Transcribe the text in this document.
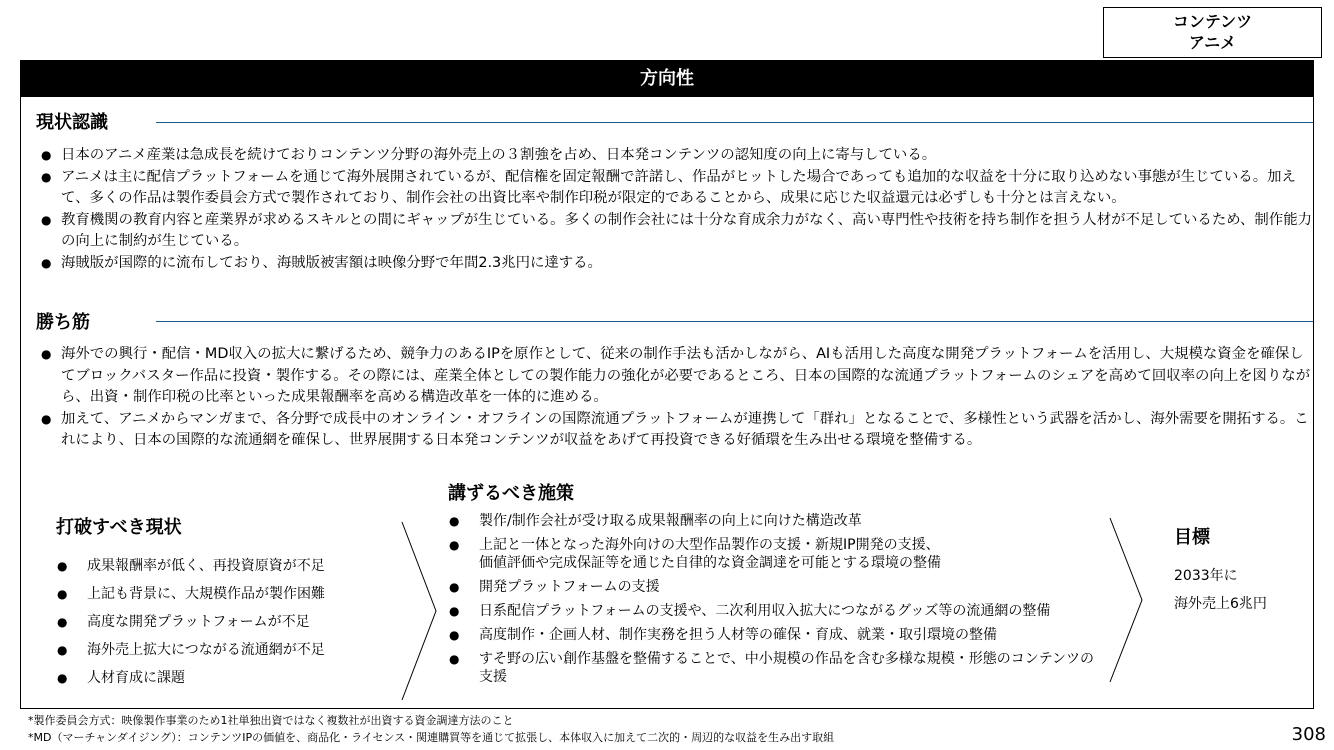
コンテンツ
アニメ
方向性
現状認識
● 日本のアニメ産業は急成長を続けておりコンテンツ分野の海外売上の３割強を占め、日本発コンテンツの認知度の向上に寄与している。
● アニメは主に配信プラットフォームを通じて海外展開されているが、配信権を固定報酬で許諾し、作品がヒットした場合であっても追加的な収益を十分に取り込めない事態が生じている。加えて、多くの作品は製作委員会方式で製作されており、制作会社の出資比率や制作印税が限定的であることから、成果に応じた収益還元は必ずしも十分とは言えない。
● 教育機関の教育内容と産業界が求めるスキルとの間にギャップが生じている。多くの制作会社には十分な育成余力がなく、高い専門性や技術を持ち制作を担う人材が不足しているため、制作能力の向上に制約が生じている。
● 海賊版が国際的に流布しており、海賊版被害額は映像分野で年間2.3兆円に達する。
勝ち筋
● 海外での興行・配信・MD収入の拡大に繋げるため、競争力のあるIPを原作として、従来の制作手法も活かしながら、AIも活用した高度な開発プラットフォームを活用し、大規模な資金を確保してブロックバスター作品に投資・製作する。その際には、産業全体としての製作能力の強化が必要であるところ、日本の国際的な流通プラットフォームのシェアを高めて回収率の向上を図りながら、出資・制作印税の比率といった成果報酬率を高める構造改革を一体的に進める。
● 加えて、アニメからマンガまで、各分野で成長中のオンライン・オフラインの国際流通プラットフォームが連携して「群れ」となることで、多様性という武器を活かし、海外需要を開拓する。これにより、日本の国際的な流通網を確保し、世界展開する日本発コンテンツが収益をあげて再投資できる好循環を生み出せる環境を整備する。
打破すべき現状
● 成果報酬率が低く、再投資原資が不足
● 上記も背景に、大規模作品が製作困難
● 高度な開発プラットフォームが不足
● 海外売上拡大につながる流通網が不足
● 人材育成に課題
講ずるべき施策
● 製作/制作会社が受け取る成果報酬率の向上に向けた構造改革
● 上記と一体となった海外向けの大型作品製作の支援・新規IP開発の支援、
価値評価や完成保証等を通じた自律的な資金調達を可能とする環境の整備
● 開発プラットフォームの支援
● 日系配信プラットフォームの支援や、二次利用収入拡大につながるグッズ等の流通網の整備
● 高度制作・企画人材、制作実務を担う人材等の確保・育成、就業・取引環境の整備
● すそ野の広い創作基盤を整備することで、中小規模の作品を含む多様な規模・形態のコンテンツの支援
目標
2033年に
海外売上6兆円
*製作委員会方式：映像製作事業のため1社単独出資ではなく複数社が出資する資金調達方法のこと
*MD（マーチャンダイジング）：コンテンツIPの価値を、商品化・ライセンス・関連購買等を通じて拡張し、本体収入に加えて二次的・周辺的な収益を生み出す取組	308
